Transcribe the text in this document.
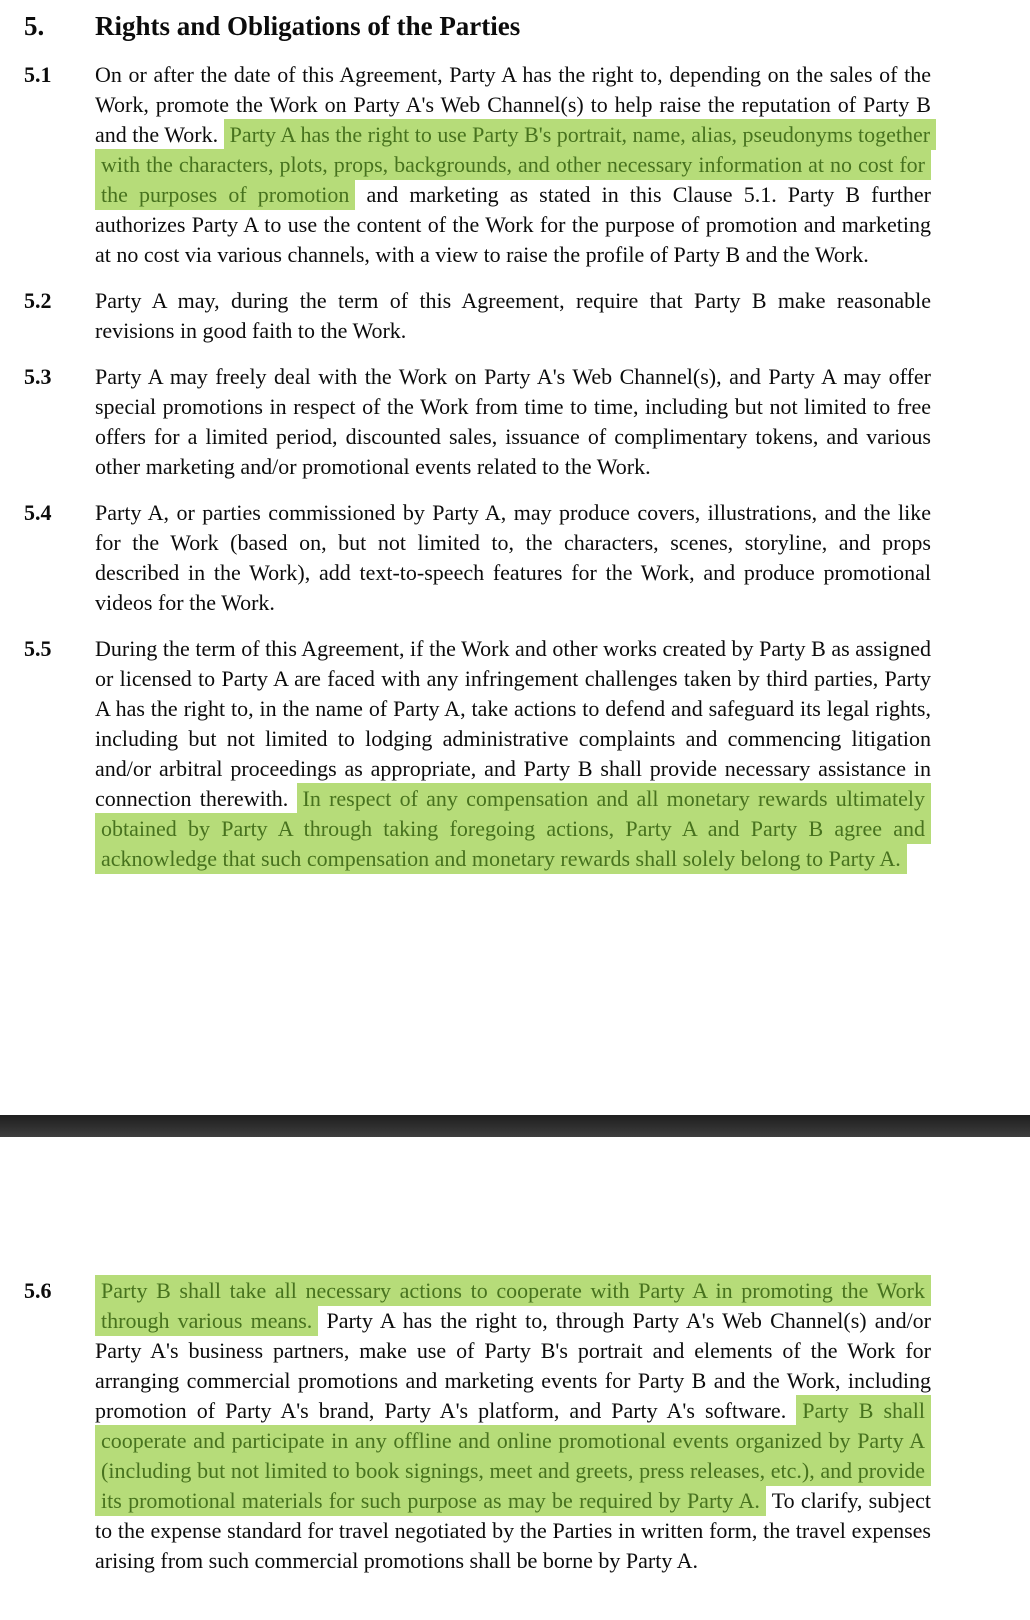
5.	Rights and Obligations of the Parties
5.1	On or after the date of this Agreement, Party A has the right to, depending on the sales of the Work, promote the Work on Party A's Web Channel(s) to help raise the reputation of Party B and the Work. Party A has the right to use Party B's portrait, name, alias, pseudonyms together with the characters, plots, props, backgrounds, and other necessary information at no cost for the purposes of promotion and marketing as stated in this Clause 5.1. Party B further authorizes Party A to use the content of the Work for the purpose of promotion and marketing at no cost via various channels, with a view to raise the profile of Party B and the Work.

5.2	Party A may, during the term of this Agreement, require that Party B make reasonable revisions in good faith to the Work.

5.3	Party A may freely deal with the Work on Party A's Web Channel(s), and Party A may offer special promotions in respect of the Work from time to time, including but not limited to free offers for a limited period, discounted sales, issuance of complimentary tokens, and various other marketing and/or promotional events related to the Work.

5.4	Party A, or parties commissioned by Party A, may produce covers, illustrations, and the like for the Work (based on, but not limited to, the characters, scenes, storyline, and props described in the Work), add text-to-speech features for the Work, and produce promotional videos for the Work.

5.5	During the term of this Agreement, if the Work and other works created by Party B as assigned or licensed to Party A are faced with any infringement challenges taken by third parties, Party A has the right to, in the name of Party A, take actions to defend and safeguard its legal rights, including but not limited to lodging administrative complaints and commencing litigation and/or arbitral proceedings as appropriate, and Party B shall provide necessary assistance in connection therewith. In respect of any compensation and all monetary rewards ultimately obtained by Party A through taking foregoing actions, Party A and Party B agree and acknowledge that such compensation and monetary rewards shall solely belong to Party A.

5.6	Party B shall take all necessary actions to cooperate with Party A in promoting the Work through various means. Party A has the right to, through Party A's Web Channel(s) and/or Party A's business partners, make use of Party B's portrait and elements of the Work for arranging commercial promotions and marketing events for Party B and the Work, including promotion of Party A's brand, Party A's platform, and Party A's software. Party B shall cooperate and participate in any offline and online promotional events organized by Party A (including but not limited to book signings, meet and greets, press releases, etc.), and provide its promotional materials for such purpose as may be required by Party A. To clarify, subject to the expense standard for travel negotiated by the Parties in written form, the travel expenses arising from such commercial promotions shall be borne by Party A.
